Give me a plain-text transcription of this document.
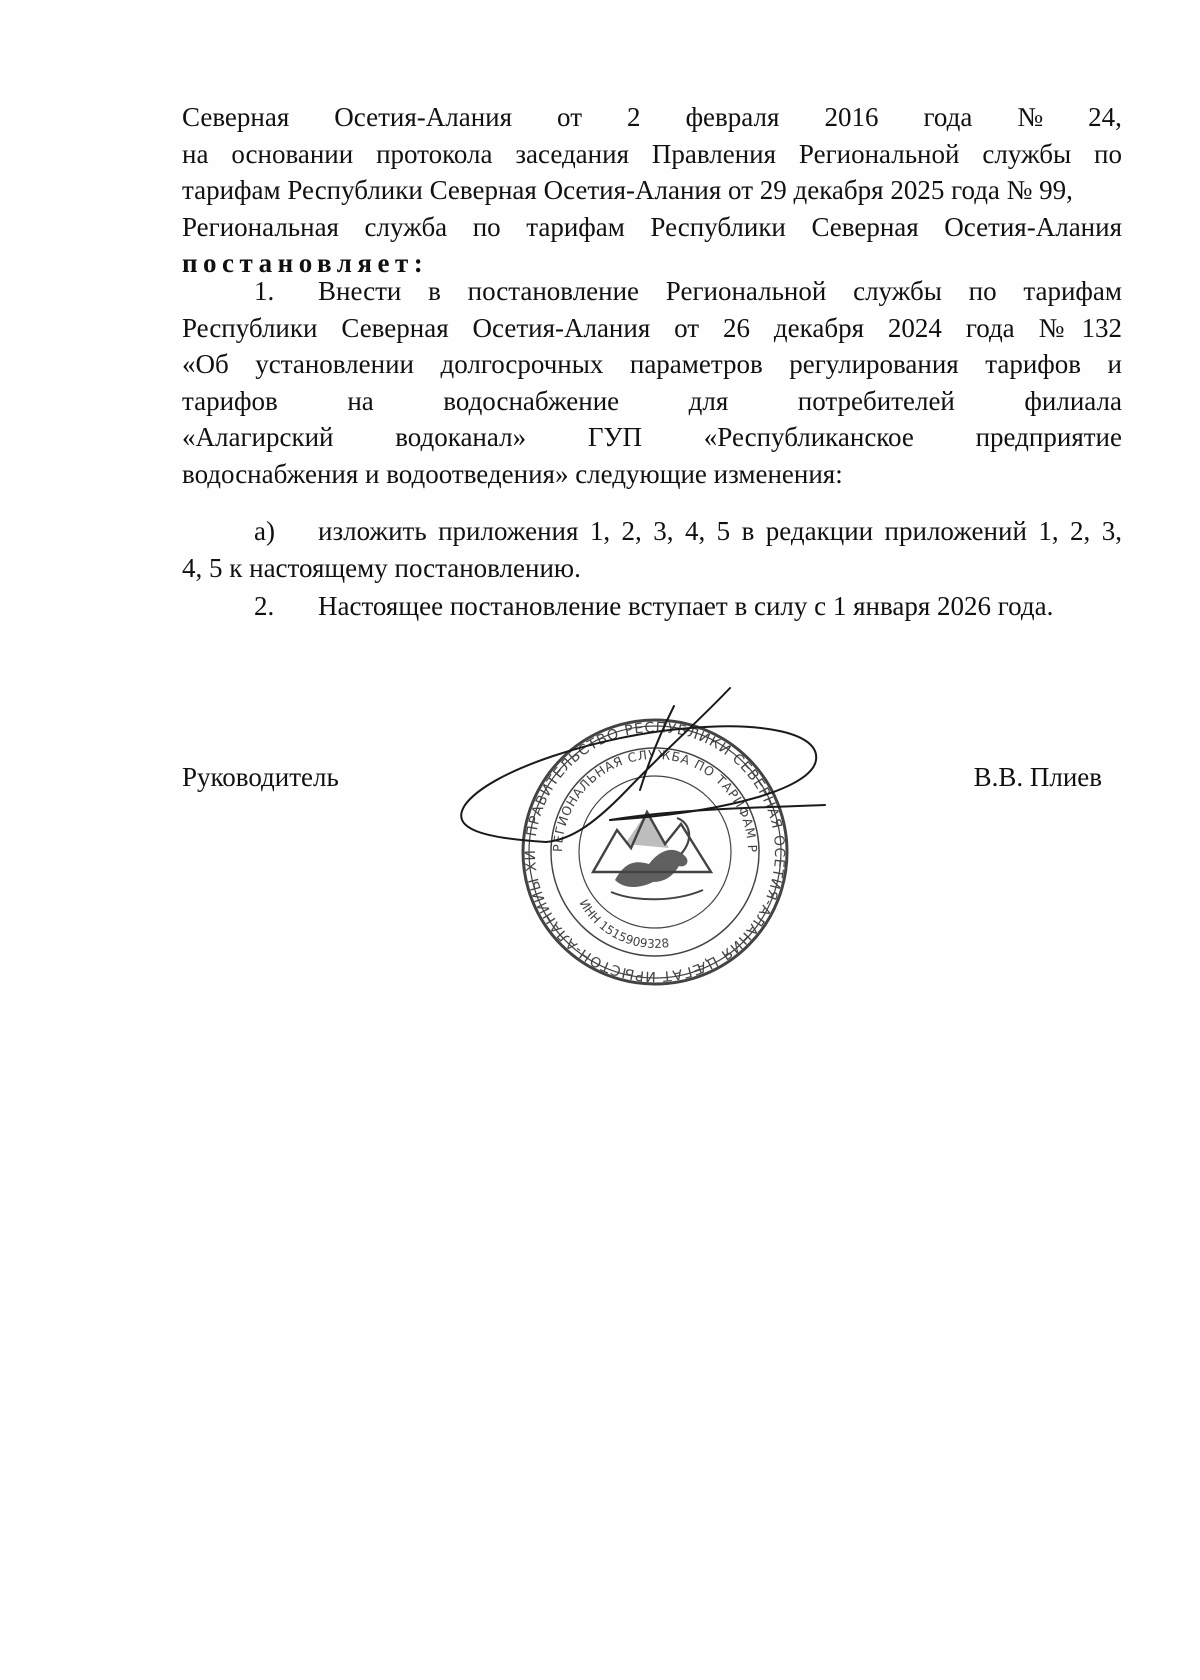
Северная Осетия-Алания от 2 февраля 2016 года № 24,
на основании протокола заседания Правления Региональной службы по
тарифам Республики Северная Осетия-Алания от 29 декабря 2025 года № 99,
Региональная служба по тарифам Республики Северная Осетия-Алания
постановляет:
1.	Внести в постановление Региональной службы по тарифам
Республики Северная Осетия-Алания от 26 декабря 2024 года №132
«Об установлении долгосрочных параметров регулирования тарифов и
тарифов	на	водоснабжение	для	потребителей	филиала
«Алагирский водоканал» ГУП «Республиканское предприятие
водоснабжения и водоотведения» следующие изменения:
а)	изложить приложения 1, 2, 3, 4, 5 в редакции приложений 1, 2, 3,
4, 5 к настоящему постановлению.
2.	Настоящее постановление вступает в силу с 1 января 2026 года.
Руководитель	В.В. Плиев
ПРАВИТЕЛЬСТВО РЕСПУБЛИКИ СЕВЕРНАЯ ОСЕТИЯ-АЛАНИЯ ЦÆГАТ ИРЫСТОН-АЛАНИЙЫ ХИ
РЕГИОНАЛЬНАЯ СЛУЖБА ПО ТАРИФАМ Р
ИНН 1515909328
